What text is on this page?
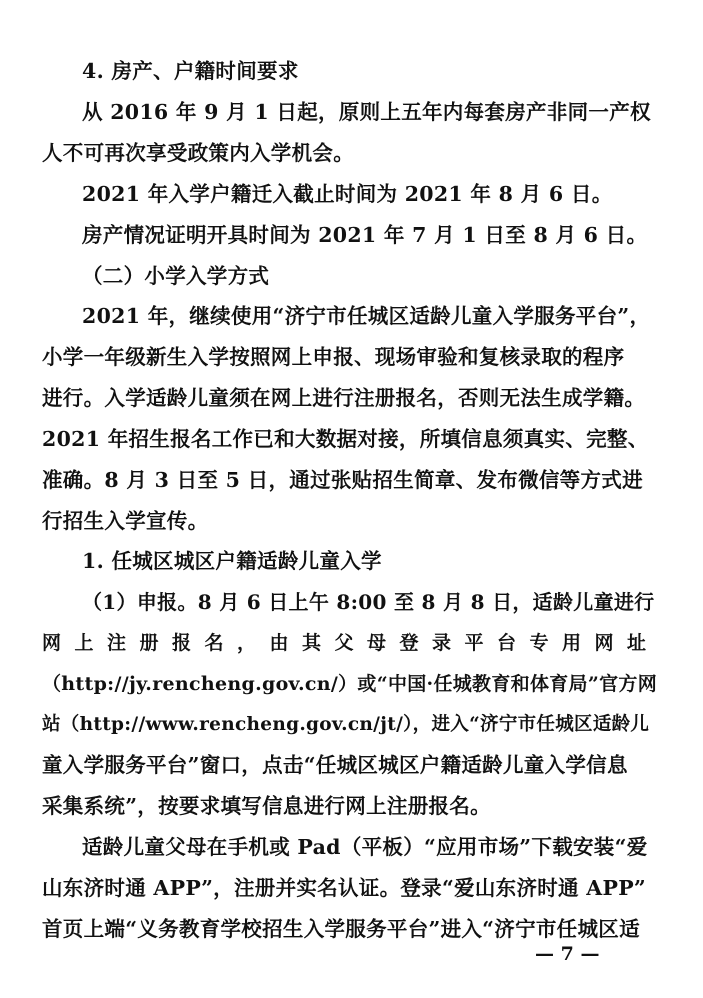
4. 房产、户籍时间要求
从 2016 年 9 月 1 日起，原则上五年内每套房产非同一产权
人不可再次享受政策内入学机会。
2021 年入学户籍迁入截止时间为 2021 年 8 月 6 日。
房产情况证明开具时间为 2021 年 7 月 1 日至 8 月 6 日。
（二）小学入学方式
2021 年，继续使用“济宁市任城区适龄儿童入学服务平台”，
小学一年级新生入学按照网上申报、现场审验和复核录取的程序
进行。入学适龄儿童须在网上进行注册报名，否则无法生成学籍。
2021 年招生报名工作已和大数据对接，所填信息须真实、完整、
准确。8 月 3 日至 5 日，通过张贴招生简章、发布微信等方式进
行招生入学宣传。
1. 任城区城区户籍适龄儿童入学
（1）申报。8 月 6 日上午 8:00 至 8 月 8 日，适龄儿童进行
网上注册报名，由其父母登录平台专用网址
（http://jy.rencheng.gov.cn/）或“中国·任城教育和体育局”官方网
站（http://www.rencheng.gov.cn/jt/），进入“济宁市任城区适龄儿
童入学服务平台”窗口，点击“任城区城区户籍适龄儿童入学信息
采集系统”，按要求填写信息进行网上注册报名。
适龄儿童父母在手机或 Pad（平板）“应用市场”下载安装“爱
山东济时通 APP”，注册并实名认证。登录“爱山东济时通 APP”
首页上端“义务教育学校招生入学服务平台”进入“济宁市任城区适
— 7 —
